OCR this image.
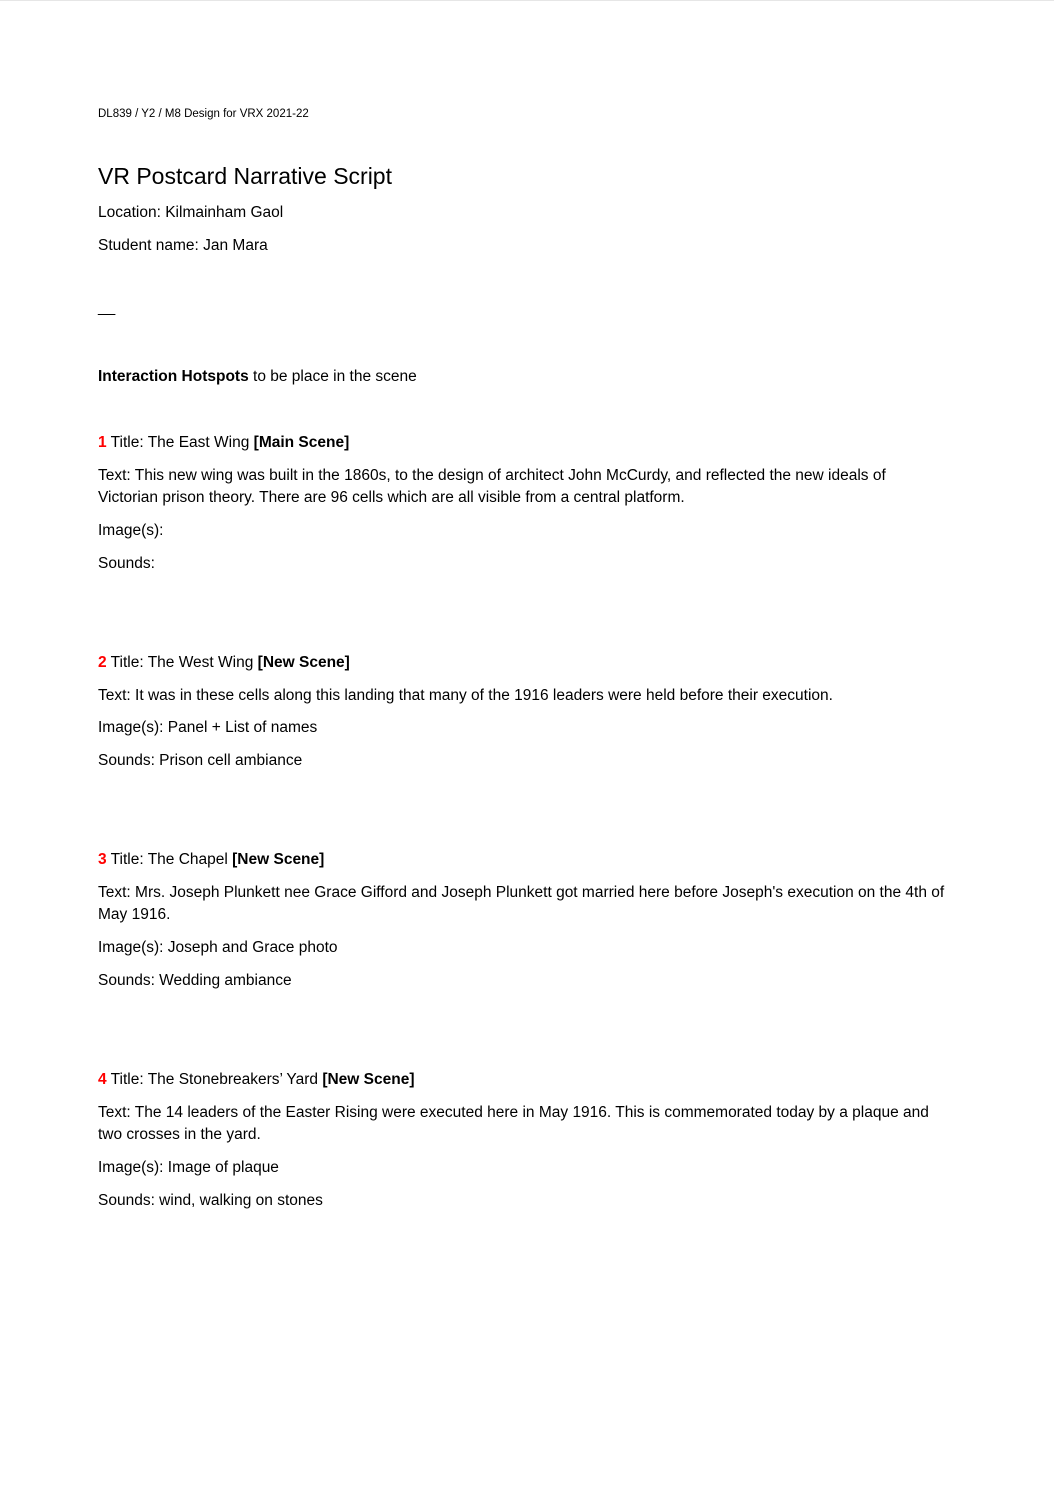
DL839 / Y2 / M8 Design for VRX 2021-22

VR Postcard Narrative Script

Location: Kilmainham Gaol

Student name: Jan Mara

__

Interaction Hotspots to be place in the scene

1 Title: The East Wing [Main Scene]

Text: This new wing was built in the 1860s, to the design of architect John McCurdy, and reflected the new ideals of Victorian prison theory. There are 96 cells which are all visible from a central platform.

Image(s):

Sounds:

2 Title: The West Wing [New Scene]

Text: It was in these cells along this landing that many of the 1916 leaders were held before their execution.

Image(s): Panel + List of names

Sounds: Prison cell ambiance

3 Title: The Chapel [New Scene]

Text: Mrs. Joseph Plunkett nee Grace Gifford and Joseph Plunkett got married here before Joseph's execution on the 4th of May 1916.

Image(s): Joseph and Grace photo

Sounds: Wedding ambiance

4 Title: The Stonebreakers’ Yard [New Scene]

Text: The 14 leaders of the Easter Rising were executed here in May 1916. This is commemorated today by a plaque and two crosses in the yard.

Image(s): Image of plaque

Sounds: wind, walking on stones
